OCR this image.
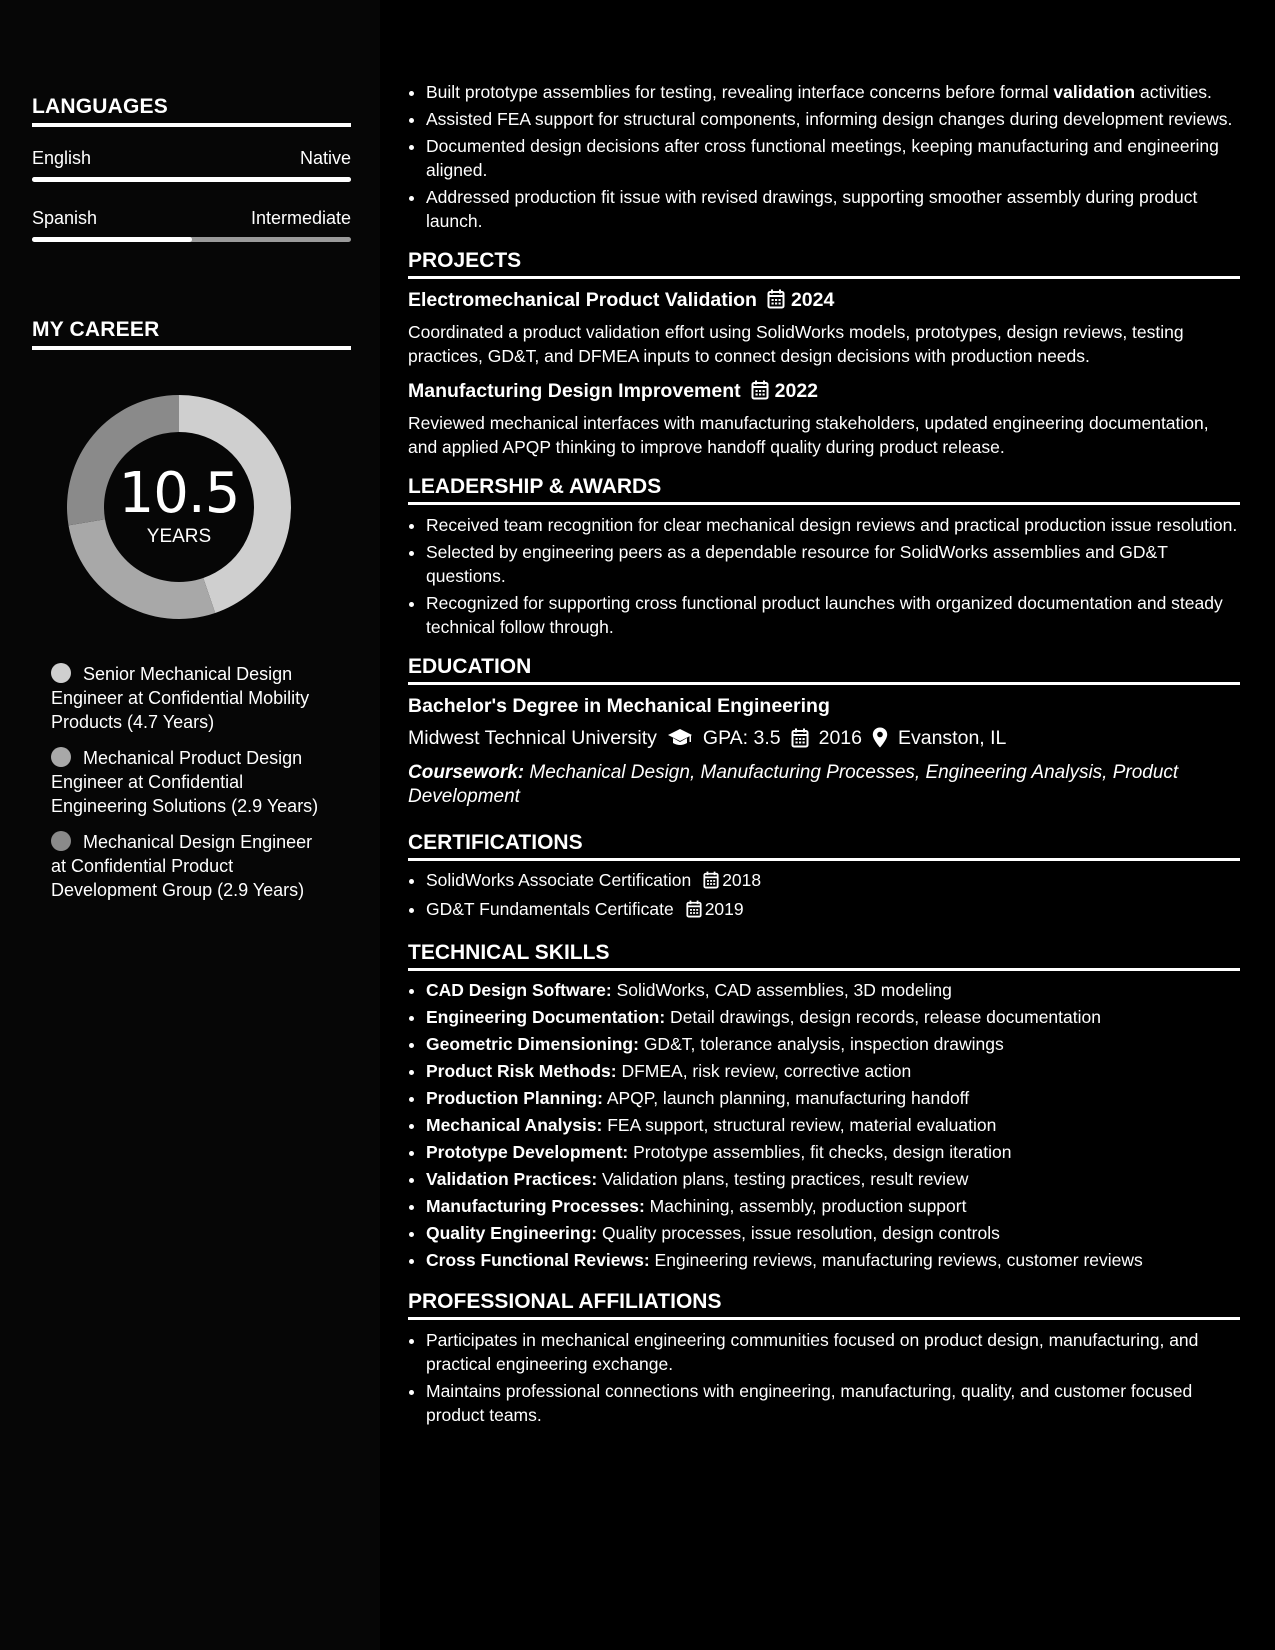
LANGUAGES
English	Native
Spanish	Intermediate
MY CAREER
10.5
YEARS
Senior Mechanical Design Engineer at Confidential Mobility Products (4.7 Years)
Mechanical Product Design Engineer at Confidential Engineering Solutions (2.9 Years)
Mechanical Design Engineer at Confidential Product Development Group (2.9 Years)
• Built prototype assemblies for testing, revealing interface concerns before formal validation activities.
• Assisted FEA support for structural components, informing design changes during development reviews.
• Documented design decisions after cross functional meetings, keeping manufacturing and engineering aligned.
• Addressed production fit issue with revised drawings, supporting smoother assembly during product launch.
PROJECTS
Electromechanical Product Validation 2024
Coordinated a product validation effort using SolidWorks models, prototypes, design reviews, testing practices, GD&T, and DFMEA inputs to connect design decisions with production needs.
Manufacturing Design Improvement 2022
Reviewed mechanical interfaces with manufacturing stakeholders, updated engineering documentation, and applied APQP thinking to improve handoff quality during product release.
LEADERSHIP & AWARDS
• Received team recognition for clear mechanical design reviews and practical production issue resolution.
• Selected by engineering peers as a dependable resource for SolidWorks assemblies and GD&T questions.
• Recognized for supporting cross functional product launches with organized documentation and steady technical follow through.
EDUCATION
Bachelor's Degree in Mechanical Engineering
Midwest Technical University GPA: 3.5 2016 Evanston, IL
Coursework: Mechanical Design, Manufacturing Processes, Engineering Analysis, Product Development
CERTIFICATIONS
• SolidWorks Associate Certification 2018
• GD&T Fundamentals Certificate 2019
TECHNICAL SKILLS
• CAD Design Software: SolidWorks, CAD assemblies, 3D modeling
• Engineering Documentation: Detail drawings, design records, release documentation
• Geometric Dimensioning: GD&T, tolerance analysis, inspection drawings
• Product Risk Methods: DFMEA, risk review, corrective action
• Production Planning: APQP, launch planning, manufacturing handoff
• Mechanical Analysis: FEA support, structural review, material evaluation
• Prototype Development: Prototype assemblies, fit checks, design iteration
• Validation Practices: Validation plans, testing practices, result review
• Manufacturing Processes: Machining, assembly, production support
• Quality Engineering: Quality processes, issue resolution, design controls
• Cross Functional Reviews: Engineering reviews, manufacturing reviews, customer reviews
PROFESSIONAL AFFILIATIONS
• Participates in mechanical engineering communities focused on product design, manufacturing, and practical engineering exchange.
• Maintains professional connections with engineering, manufacturing, quality, and customer focused product teams.
